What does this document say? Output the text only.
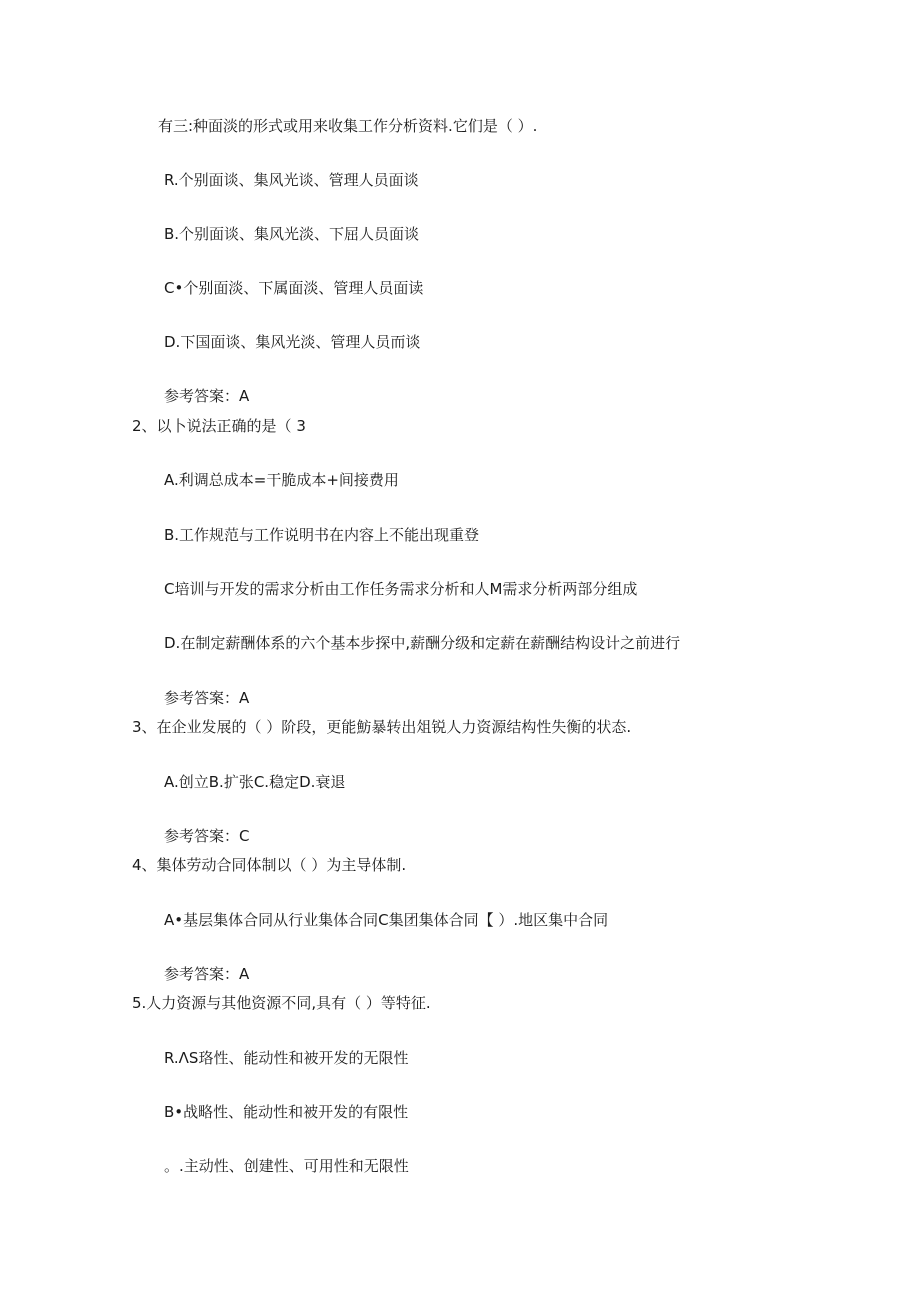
有三:种面淡的形式或用来收集工作分析资料.它们是（ ）.
R.个别面谈、集风光谈、管理人员面谈
B.个别面谈、集风光淡、下屈人员面谈
C•个别面淡、下属面淡、管理人员面读
D.下国面谈、集风光淡、管理人员而谈
参考答案：A
2、以卜说法正确的是（ 3
A.利调总成本=干脆成本+间接费用
B.工作规范与工作说明书在内容上不能出现重登
C培训与开发的需求分析由工作任务需求分析和人M需求分析两部分组成
D.在制定薪酬体系的六个基本步探中,薪酬分级和定薪在薪酬结构设计之前进行
参考答案：A
3、在企业发展的（ ）阶段，更能魴暴转出俎锐人力资源结构性失衡的状态.
A.创立B.扩张C.稳定D.衰退
参考答案：C
4、集体劳动合同体制以（ ）为主导体制.
A•基层集体合同从行业集体合同C集团集体合同【 ）.地区集中合同
参考答案：A
5.人力资源与其他资源不同,具有（ ）等特征.
R.ΛS珞性、能动性和被开发的无限性
B•战略性、能动性和被开发的有限性
。.主动性、创建性、可用性和无限性
